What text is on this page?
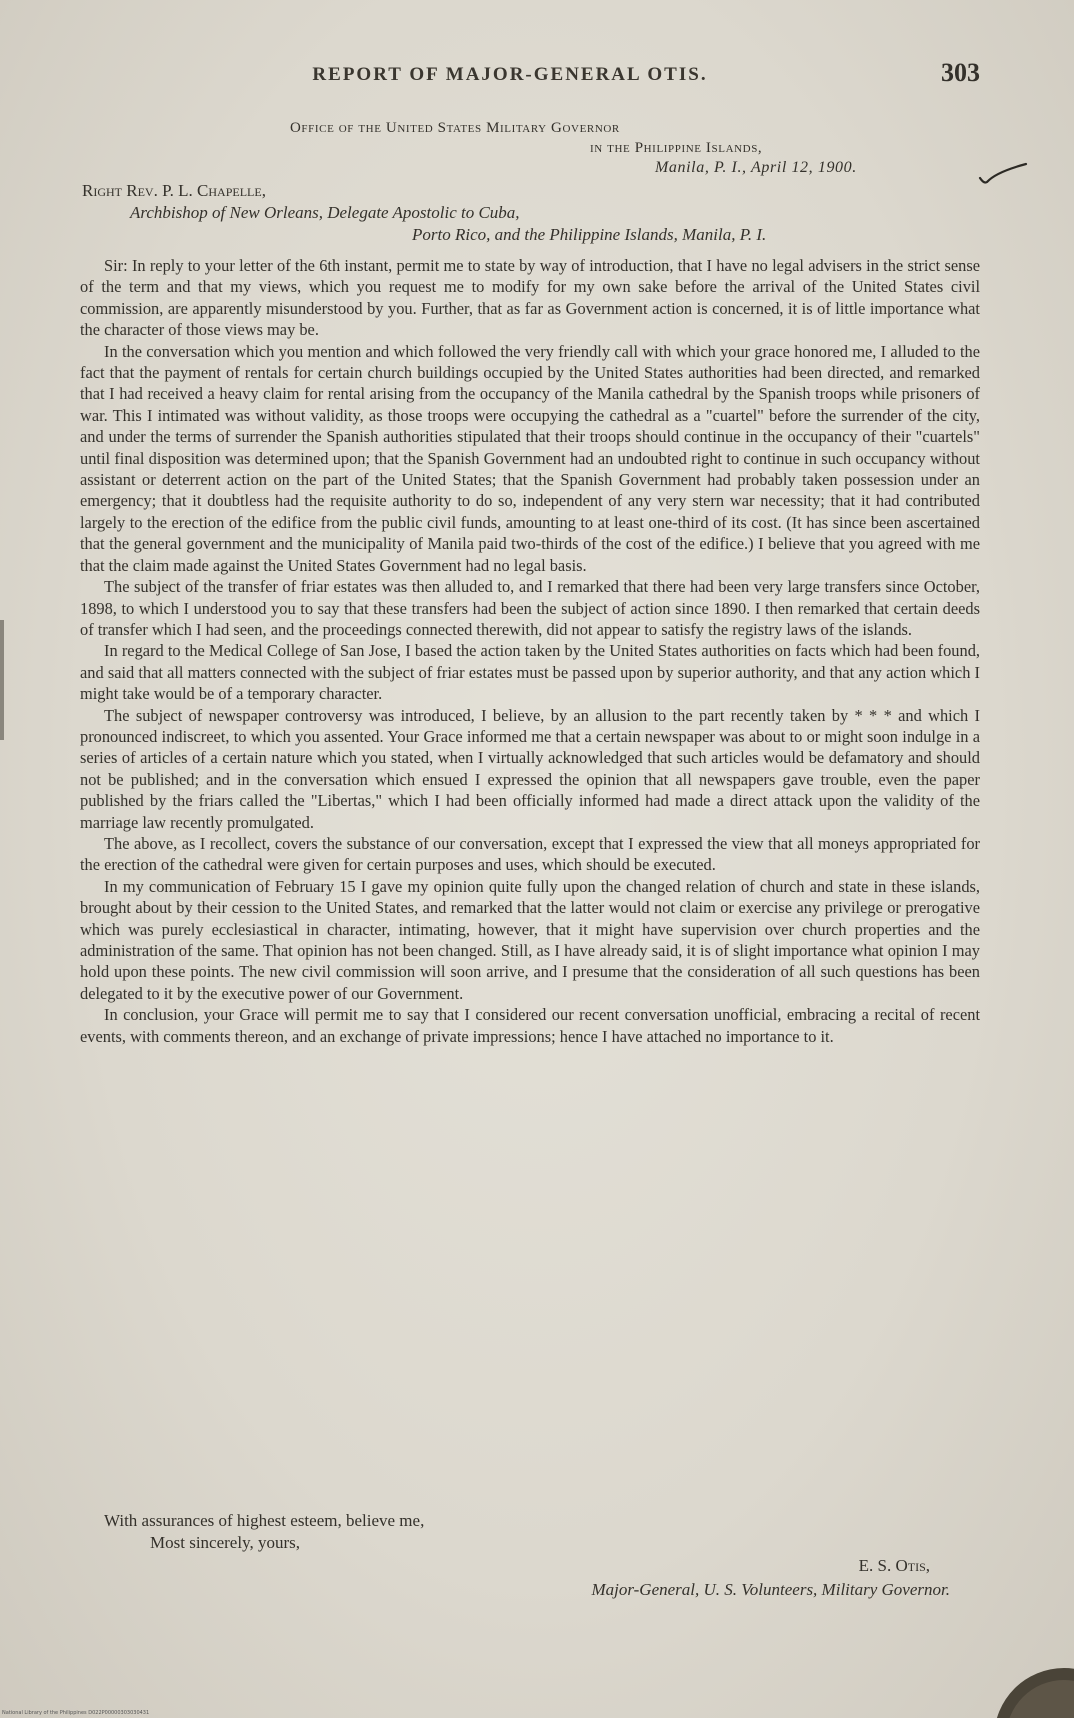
REPORT OF MAJOR-GENERAL OTIS.	303
Office of the United States Military Governor
in the Philippine Islands,
Manila, P. I., April 12, 1900.
Right Rev. P. L. Chapelle,
Archbishop of New Orleans, Delegate Apostolic to Cuba,
Porto Rico, and the Philippine Islands, Manila, P. I.

Sir: In reply to your letter of the 6th instant, permit me to state by way of introduction, that I have no legal advisers in the strict sense of the term and that my views, which you request me to modify for my own sake before the arrival of the United States civil commission, are apparently misunderstood by you. Further, that as far as Government action is concerned, it is of little importance what the character of those views may be.

In the conversation which you mention and which followed the very friendly call with which your grace honored me, I alluded to the fact that the payment of rentals for certain church buildings occupied by the United States authorities had been directed, and remarked that I had received a heavy claim for rental arising from the occupancy of the Manila cathedral by the Spanish troops while prisoners of war. This I intimated was without validity, as those troops were occupying the cathedral as a "cuartel" before the surrender of the city, and under the terms of surrender the Spanish authorities stipulated that their troops should continue in the occupancy of their "cuartels" until final disposition was determined upon; that the Spanish Government had an undoubted right to continue in such occupancy without assistant or deterrent action on the part of the United States; that the Spanish Government had probably taken possession under an emergency; that it doubtless had the requisite authority to do so, independent of any very stern war necessity; that it had contributed largely to the erection of the edifice from the public civil funds, amounting to at least one-third of its cost. (It has since been ascertained that the general government and the municipality of Manila paid two-thirds of the cost of the edifice.) I believe that you agreed with me that the claim made against the United States Government had no legal basis.

The subject of the transfer of friar estates was then alluded to, and I remarked that there had been very large transfers since October, 1898, to which I understood you to say that these transfers had been the subject of action since 1890. I then remarked that certain deeds of transfer which I had seen, and the proceedings connected therewith, did not appear to satisfy the registry laws of the islands.

In regard to the Medical College of San Jose, I based the action taken by the United States authorities on facts which had been found, and said that all matters connected with the subject of friar estates must be passed upon by superior authority, and that any action which I might take would be of a temporary character.

The subject of newspaper controversy was introduced, I believe, by an allusion to the part recently taken by * * * and which I pronounced indiscreet, to which you assented. Your Grace informed me that a certain newspaper was about to or might soon indulge in a series of articles of a certain nature which you stated, when I virtually acknowledged that such articles would be defamatory and should not be published; and in the conversation which ensued I expressed the opinion that all newspapers gave trouble, even the paper published by the friars called the "Libertas," which I had been officially informed had made a direct attack upon the validity of the marriage law recently promulgated.

The above, as I recollect, covers the substance of our conversation, except that I expressed the view that all moneys appropriated for the erection of the cathedral were given for certain purposes and uses, which should be executed.

In my communication of February 15 I gave my opinion quite fully upon the changed relation of church and state in these islands, brought about by their cession to the United States, and remarked that the latter would not claim or exercise any privilege or prerogative which was purely ecclesiastical in character, intimating, however, that it might have supervision over church properties and the administration of the same. That opinion has not been changed. Still, as I have already said, it is of slight importance what opinion I may hold upon these points. The new civil commission will soon arrive, and I presume that the consideration of all such questions has been delegated to it by the executive power of our Government.

In conclusion, your Grace will permit me to say that I considered our recent conversation unofficial, embracing a recital of recent events, with comments thereon, and an exchange of private impressions; hence I have attached no importance to it.

With assurances of highest esteem, believe me,
Most sincerely, yours,
E. S. Otis,
Major-General, U. S. Volunteers, Military Governor.
National Library of the Philippines D022P00000303030431
